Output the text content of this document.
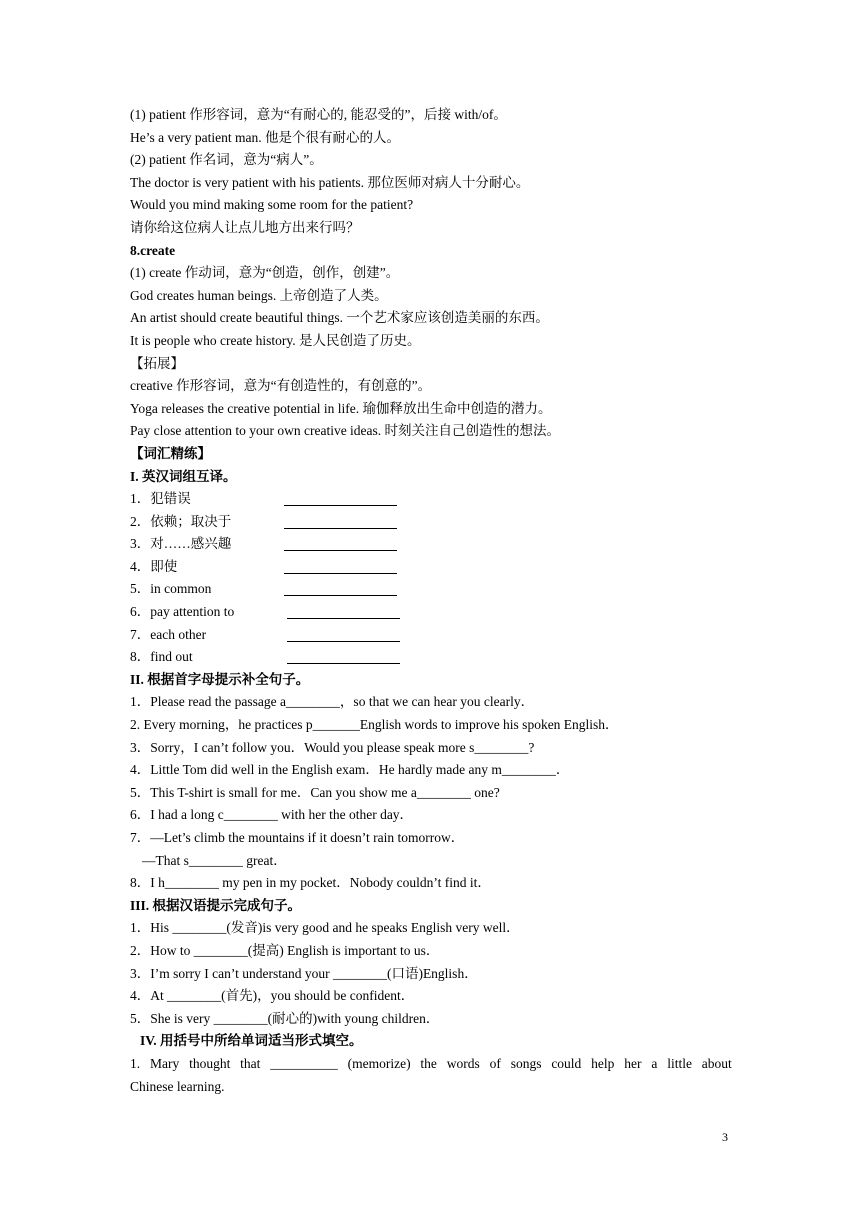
(1) patient 作形容词，意为“有耐心的, 能忍受的”，后接 with/of。
He’s a very patient man. 他是个很有耐心的人。
(2) patient 作名词，意为“病人”。
The doctor is very patient with his patients. 那位医师对病人十分耐心。
Would you mind making some room for the patient?
请你给这位病人让点儿地方出来行吗？
8.create
(1) create 作动词，意为“创造，创作，创建”。
God creates human beings. 上帝创造了人类。
An artist should create beautiful things. 一个艺术家应该创造美丽的东西。
It is people who create history. 是人民创造了历史。
【拓展】
creative 作形容词，意为“有创造性的，有创意的”。
Yoga releases the creative potential in life. 瑜伽释放出生命中创造的潜力。
Pay close attention to your own creative ideas. 时刻关注自己创造性的想法。
【词汇精练】
I. 英汉词组互译。
1．犯错误
2．依赖；取决于
3．对……感兴趣
4．即使
5．in common
6．pay attention to
7．each other
8．find out
II. 根据首字母提示补全句子。
1．Please read the passage a________，so that we can hear you clearly．
2. Every morning，he practices p_______English words to improve his spoken English．
3．Sorry，I can’t follow you．Would you please speak more s________?
4．Little Tom did well in the English exam．He hardly made any m________．
5．This T-shirt is small for me．Can you show me a________ one?
6．I had a long c________ with her the other day．
7．—Let’s climb the mountains if it doesn’t rain tomorrow．
—That s________ great．
8．I h________ my pen in my pocket．Nobody couldn’t find it．
III. 根据汉语提示完成句子。
1．His ________(发音)is very good and he speaks English very well．
2．How to ________(提高) English is important to us．
3．I’m sorry I can’t understand your ________(口语)English．
4．At ________(首先)，you should be confident．
5．She is very ________(耐心的)with young children．
IV. 用括号中所给单词适当形式填空。
1. Mary thought that __________ (memorize) the words of songs could help her a little about
Chinese learning.
3
